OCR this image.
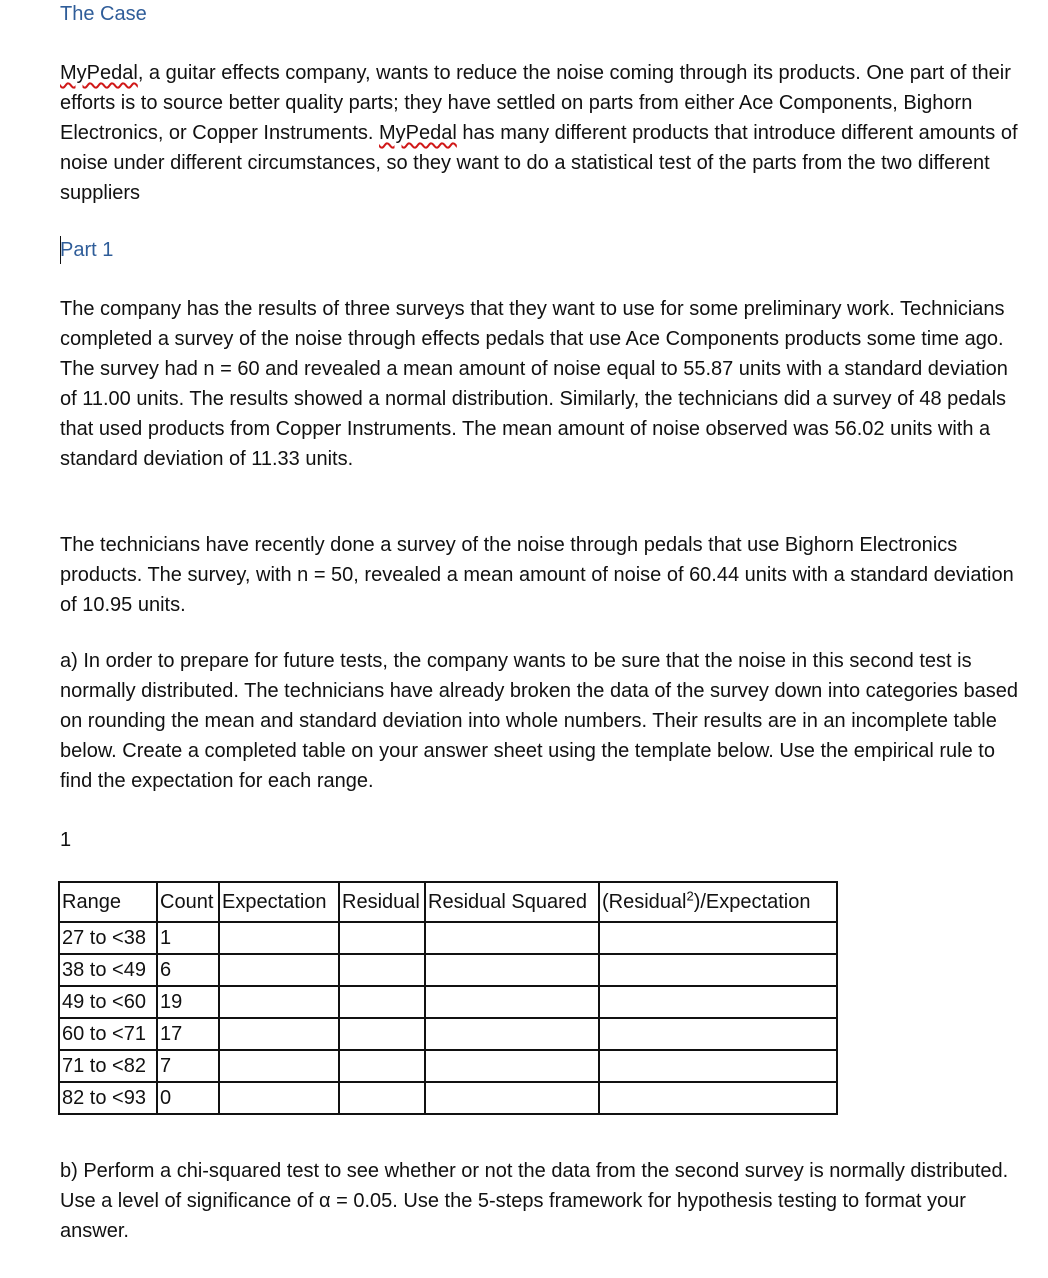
The Case

MyPedal, a guitar effects company, wants to reduce the noise coming through its products. One part of their efforts is to source better quality parts; they have settled on parts from either Ace Components, Bighorn Electronics, or Copper Instruments. MyPedal has many different products that introduce different amounts of noise under different circumstances, so they want to do a statistical test of the parts from the two different suppliers

Part 1

The company has the results of three surveys that they want to use for some preliminary work. Technicians completed a survey of the noise through effects pedals that use Ace Components products some time ago. The survey had n = 60 and revealed a mean amount of noise equal to 55.87 units with a standard deviation of 11.00 units. The results showed a normal distribution. Similarly, the technicians did a survey of 48 pedals that used products from Copper Instruments. The mean amount of noise observed was 56.02 units with a standard deviation of 11.33 units.

The technicians have recently done a survey of the noise through pedals that use Bighorn Electronics products. The survey, with n = 50, revealed a mean amount of noise of 60.44 units with a standard deviation of 10.95 units.

a) In order to prepare for future tests, the company wants to be sure that the noise in this second test is normally distributed. The technicians have already broken the data of the survey down into categories based on rounding the mean and standard deviation into whole numbers. Their results are in an incomplete table below. Create a completed table on your answer sheet using the template below. Use the empirical rule to find the expectation for each range.

1

Range	Count	Expectation	Residual	Residual Squared	(Residual$^2$)/Expectation
27 to <38	1				
38 to <49	6				
49 to <60	19				
60 to <71	17				
71 to <82	7				
82 to <93	0				

b) Perform a chi-squared test to see whether or not the data from the second survey is normally distributed. Use a level of significance of α = 0.05. Use the 5-steps framework for hypothesis testing to format your answer.
